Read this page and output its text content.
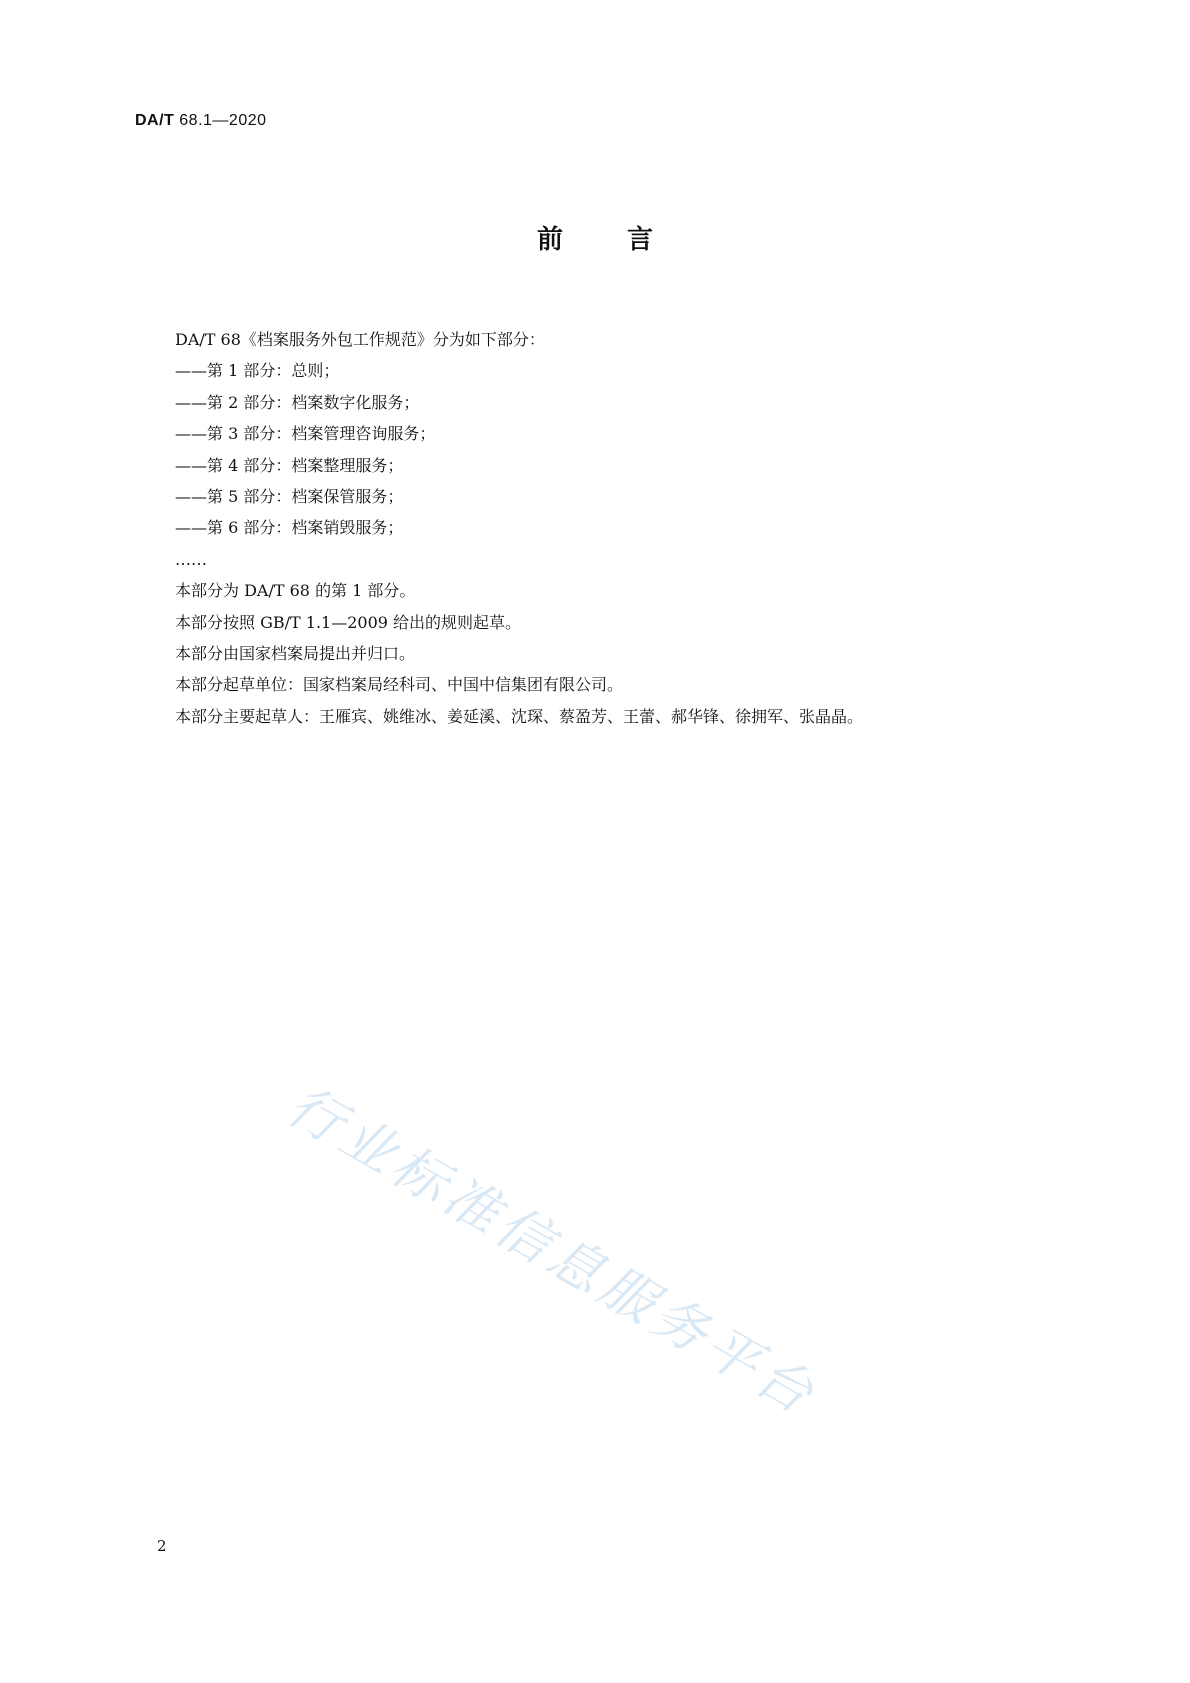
DA/T 68.1—2020
前言
DA/T 68《档案服务外包工作规范》分为如下部分：
——第 1 部分：总则；
——第 2 部分：档案数字化服务；
——第 3 部分：档案管理咨询服务；
——第 4 部分：档案整理服务；
——第 5 部分：档案保管服务；
——第 6 部分：档案销毁服务；
……
本部分为 DA/T 68 的第 1 部分。
本部分按照 GB/T 1.1—2009 给出的规则起草。
本部分由国家档案局提出并归口。
本部分起草单位：国家档案局经科司、中国中信集团有限公司。
本部分主要起草人：王雁宾、姚维冰、姜延溪、沈琛、蔡盈芳、王蕾、郝华锋、徐拥军、张晶晶。
行业标准信息服务平台
2
